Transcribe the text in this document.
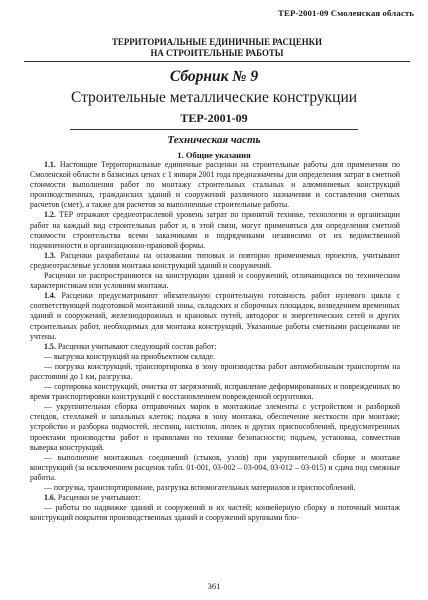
ТЕР-2001-09 Смоленская область
ТЕРРИТОРИАЛЬНЫЕ ЕДИНИЧНЫЕ РАСЦЕНКИ
НА СТРОИТЕЛЬНЫЕ РАБОТЫ
Сборник № 9
Строительные металлические конструкции
ТЕР-2001-09
Техническая часть
1. Общие указания

1.1. Настоящие Территориальные единичные расценки на строительные работы для применения по Смоленской области в базисных ценах с 1 января 2001 года предназначены для определения затрат в сметной стоимости выполнения работ по монтажу строительных стальных и алюминиевых конструкций производственных, гражданских зданий и сооружений различного назначения и составления сметных расчетов (смет), а также для расчетов за выполненные строительные работы.

1.2. ТЕР отражают среднеотраслевой уровень затрат по принятой технике, технологии и организации работ на каждый вид строительных работ и, в этой связи, могут применяться для определения сметной стоимости строительства всеми заказчиками и подрядчиками независимо от их ведомственной подчиненности и организационно-правовой формы.

1.3. Расценки разработаны на основании типовых и повторно применяемых проектов, учитывают среднеотраслевые условия монтажа конструкций зданий и сооружений.

Расценки не распространяются на конструкции зданий и сооружений, отличающихся по техническим характеристикам или условиям монтажа.

1.4. Расценки предусматривают обязательную строительную готовность работ нулевого цикла с соответствующей подготовкой монтажной зоны, складских и сборочных площадок, возведением временных зданий и сооружений, железнодорожных и крановых путей, автодорог и энергетических сетей и других строительных работ, необходимых для монтажа конструкций. Указанные работы сметными расценками не учтены.

1.5. Расценки учитывают следующий состав работ:

— выгрузка конструкций на приобъектном складе.

— погрузка конструкций, транспортировка в зону производства работ автомобильным транспортом на расстоянии до 1 км, разгрузка.

— сортировка конструкций, очистка от загрязнений, исправление деформированных и поврежденных во время транспортировки конструкций с восстановлением поврежденной огрунтовки.

— укрупнительная сборка отправочных марок в монтажные элементы с устройством и разборкой стендов, стеллажей и шпальных клеток; подача в зону монтажа, обеспечение жесткости при монтаже; устройство и разборка подмостей, лестниц, настилов, люлек и других приспособлений, предусмотренных проектами производства работ и правилами по технике безопасности; подъем, установка, совместная выверка конструкций.

— выполнение монтажных соединений (стыков, узлов) при укрупнительной сборке и монтаже конструкций (за исключением расценок табл. 01-001, 03-002 – 03-004, 03-012 – 03-015) и сдача под смежные работы.

— погрузка, транспортирование, разгрузка вспомогательных материалов и приспособлений.

1.6. Расценки не учитывают:

— работы по надвижке зданий и сооружений и их частей; конвейерную сборку и поточный монтаж конструкций покрытия производственных зданий и сооружений крупными бло-

361
